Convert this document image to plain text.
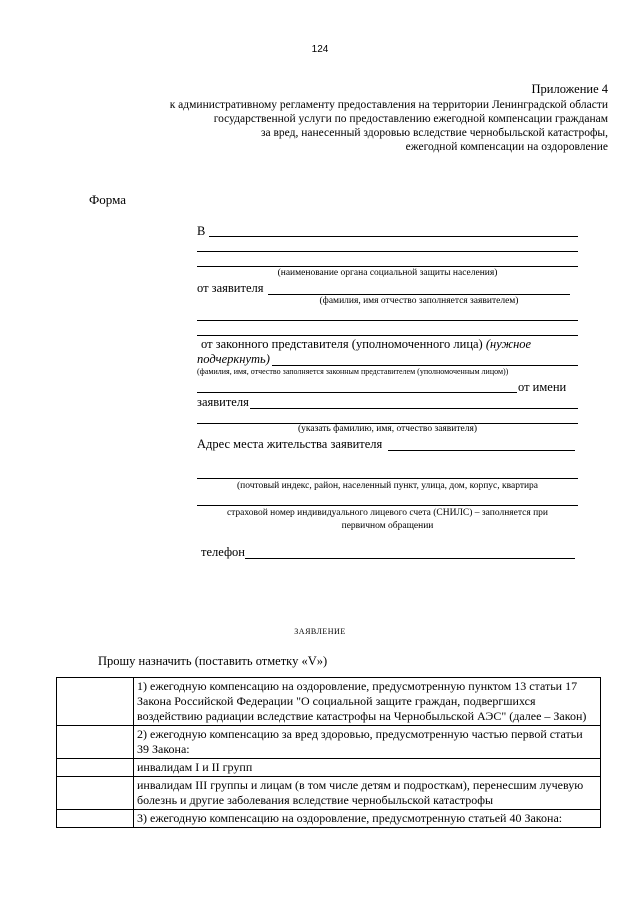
124
Приложение 4
к административному регламенту предоставления на территории Ленинградской области
государственной услуги по предоставлению ежегодной компенсации гражданам
за вред, нанесенный здоровью вследствие чернобыльской катастрофы,
ежегодной компенсации на оздоровление
Форма
В
(наименование органа социальной защиты населения)
от заявителя
(фамилия, имя отчество заполняется заявителем)
от законного представителя (уполномоченного лица) (нужное
подчеркнуть)
(фамилия, имя, отчество заполняется законным представителем (уполномоченным лицом))
от имени
заявителя
(указать фамилию, имя, отчество заявителя)
Адрес места жительства заявителя
(почтовый индекс, район, населенный пункт, улица, дом, корпус, квартира
страховой номер индивидуального лицевого счета (СНИЛС) – заполняется при
первичном обращении
телефон
ЗАЯВЛЕНИЕ
Прошу назначить (поставить отметку «V»)
	1) ежегодную компенсацию на оздоровление, предусмотренную пунктом 13 статьи 17 Закона Российской Федерации "О социальной защите граждан, подвергшихся воздействию радиации вследствие катастрофы на Чернобыльской АЭС" (далее – Закон)
	2) ежегодную компенсацию за вред здоровью, предусмотренную частью первой статьи 39 Закона:
	инвалидам I и II групп
	инвалидам III группы и лицам (в том числе детям и подросткам), перенесшим лучевую болезнь и другие заболевания вследствие чернобыльской катастрофы
	3) ежегодную компенсацию на оздоровление, предусмотренную статьей 40 Закона:
